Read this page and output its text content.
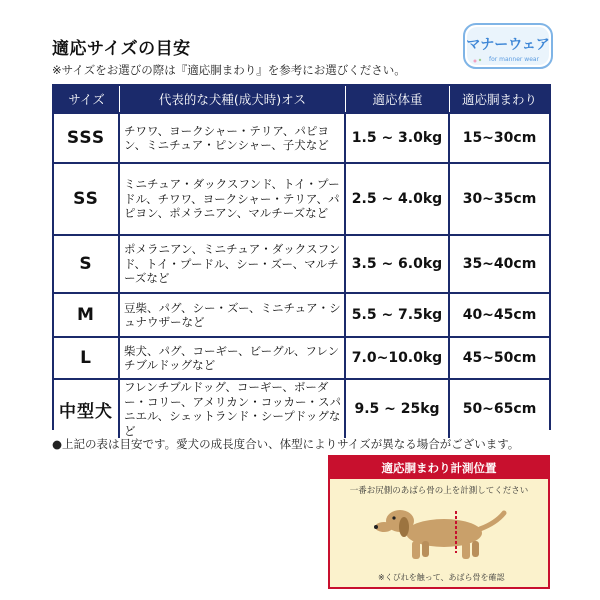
適応サイズの目安
※サイズをお選びの際は『適応胴まわり』を参考にお選びください。
マナーウェア
for manner wear
サイズ	代表的な犬種(成犬時)オス	適応体重	適応胴まわり
SSS	チワワ、ヨークシャー・テリア、パピヨン、ミニチュア・ピンシャー、子犬など	1.5 ~ 3.0kg	15~30cm
SS	ミニチュア・ダックスフンド、トイ・プードル、チワワ、ヨークシャー・テリア、パピヨン、ポメラニアン、マルチーズなど	2.5 ~ 4.0kg	30~35cm
S	ポメラニアン、ミニチュア・ダックスフンド、トイ・プードル、シー・ズー、マルチーズなど	3.5 ~ 6.0kg	35~40cm
M	豆柴、パグ、シー・ズー、ミニチュア・シュナウザーなど	5.5 ~ 7.5kg	40~45cm
L	柴犬、パグ、コーギー、ビーグル、フレンチブルドッグなど	7.0~10.0kg	45~50cm
中型犬	フレンチブルドッグ、コーギー、ボーダー・コリー、アメリカン・コッカー・スパニエル、シェットランド・シープドッグなど	9.5 ~ 25kg	50~65cm
●上記の表は目安です。愛犬の成長度合い、体型によりサイズが異なる場合がございます。
適応胴まわり計測位置
一番お尻側のあばら骨の上を計測してください
※くびれを触って、あばら骨を確認
